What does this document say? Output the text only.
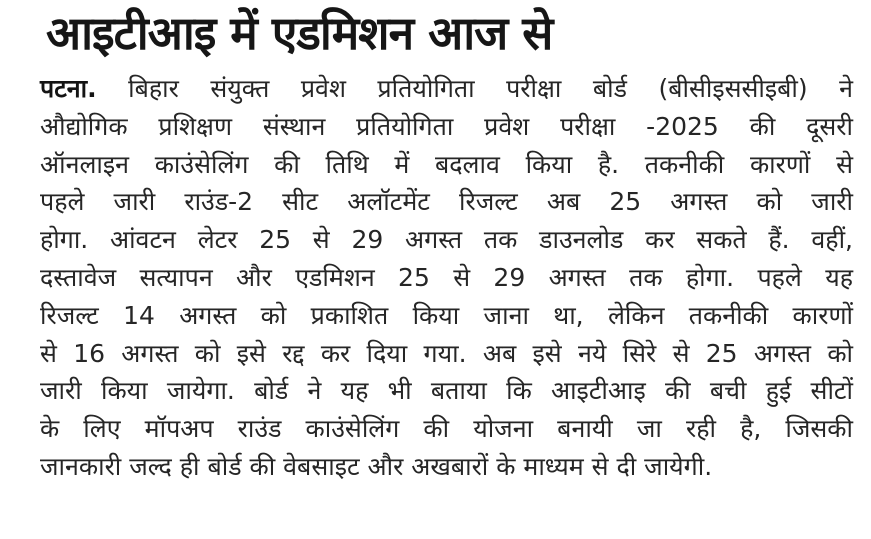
आइटीआइ में एडमिशन आज से

पटना. बिहार संयुक्त प्रवेश प्रतियोगिता परीक्षा बोर्ड (बीसीइससीइबी) ने
औद्योगिक प्रशिक्षण संस्थान प्रतियोगिता प्रवेश परीक्षा -2025 की दूसरी
ऑनलाइन काउंसेलिंग की तिथि में बदलाव किया है. तकनीकी कारणों से
पहले जारी राउंड-2 सीट अलॉटमेंट रिजल्ट अब 25 अगस्त को जारी
होगा. आंवटन लेटर 25 से 29 अगस्त तक डाउनलोड कर सकते हैं. वहीं,
दस्तावेज सत्यापन और एडमिशन 25 से 29 अगस्त तक होगा. पहले यह
रिजल्ट 14 अगस्त को प्रकाशित किया जाना था, लेकिन तकनीकी कारणों
से 16 अगस्त को इसे रद्द कर दिया गया. अब इसे नये सिरे से 25 अगस्त को
जारी किया जायेगा. बोर्ड ने यह भी बताया कि आइटीआइ की बची हुई सीटों
के लिए मॉपअप राउंड काउंसेलिंग की योजना बनायी जा रही है, जिसकी
जानकारी जल्द ही बोर्ड की वेबसाइट और अखबारों के माध्यम से दी जायेगी.
